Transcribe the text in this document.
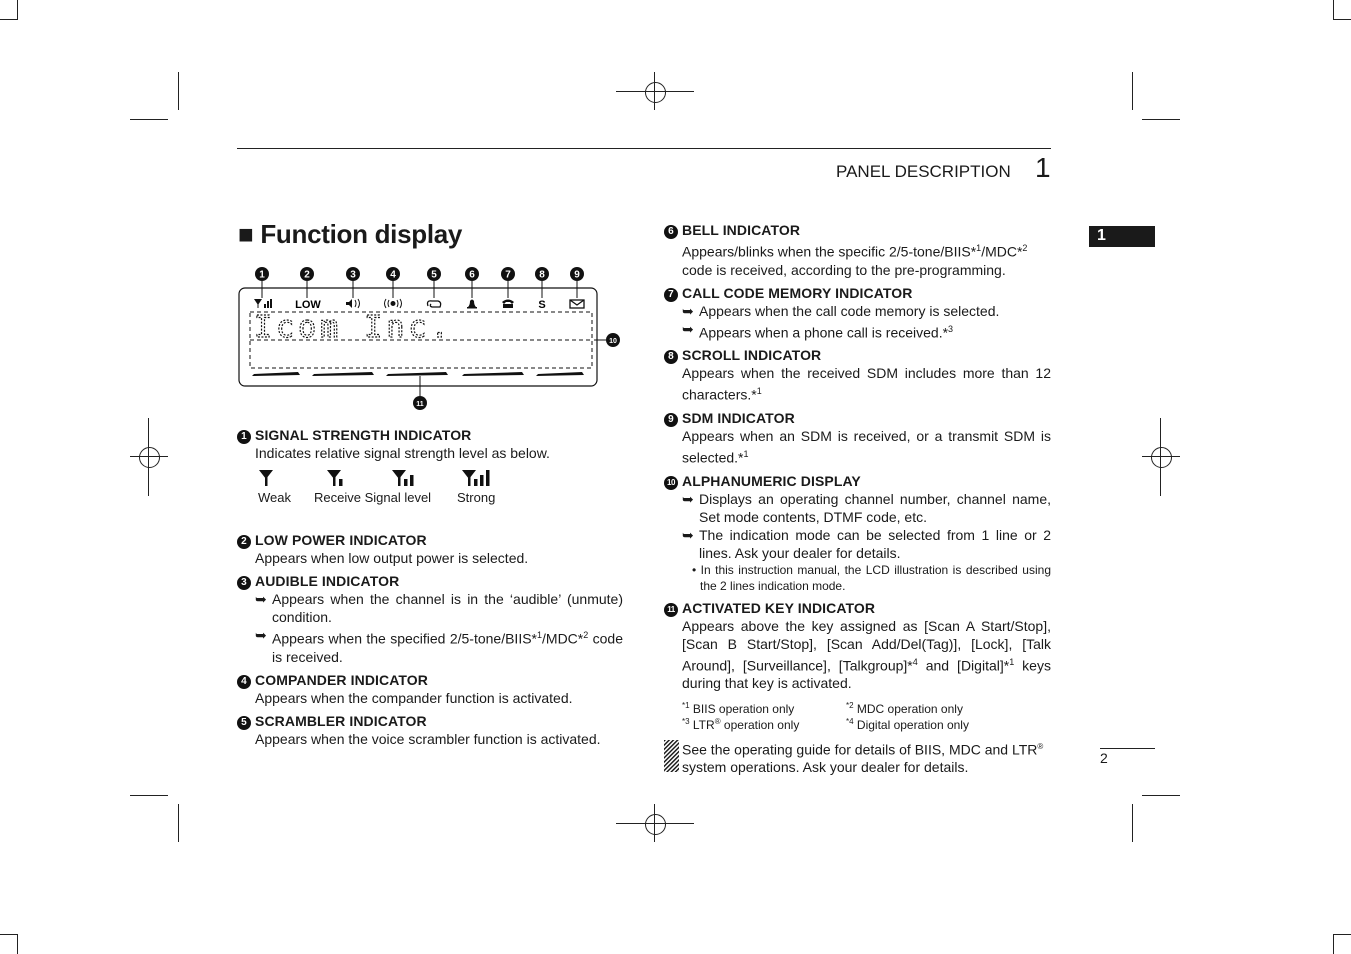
PANEL DESCRIPTION 1
1
2
■ Function display
1	2	3	4	5	6	7	8	9
10
11
LOW	S
Icom Inc.
1 SIGNAL STRENGTH INDICATOR
Indicates relative signal strength level as below.
Weak Receive Signal level Strong
2 LOW POWER INDICATOR
Appears when low output power is selected.
3 AUDIBLE INDICATOR
➥ Appears when the channel is in the ‘audible’ (unmute) condition.
➥ Appears when the specified 2/5-tone/BIIS*$^1$/MDC*$^2$ code is received.
4 COMPANDER INDICATOR
Appears when the compander function is activated.
5 SCRAMBLER INDICATOR
Appears when the voice scrambler function is activated.
6 BELL INDICATOR
Appears/blinks when the specific 2/5-tone/BIIS*$^1$/MDC*$^2$ code is received, according to the pre-programming.
7 CALL CODE MEMORY INDICATOR
➥ Appears when the call code memory is selected.
➥ Appears when a phone call is received.*$^3$
8 SCROLL INDICATOR
Appears when the received SDM includes more than 12 characters.*$^1$
9 SDM INDICATOR
Appears when an SDM is received, or a transmit SDM is selected.*$^1$
10 ALPHANUMERIC DISPLAY
➥ Displays an operating channel number, channel name, Set mode contents, DTMF code, etc.
➥ The indication mode can be selected from 1 line or 2 lines. Ask your dealer for details.
• In this instruction manual, the LCD illustration is described using the 2 lines indication mode.
11 ACTIVATED KEY INDICATOR
Appears above the key assigned as [Scan A Start/Stop], [Scan B Start/Stop], [Scan Add/Del(Tag)], [Lock], [Talk Around], [Surveillance], [Talkgroup]*$^4$ and [Digital]*$^1$ keys during that key is activated.
$^{*1}$ BIIS operation only	$^{*2}$ MDC operation only
$^{*3}$ LTR® operation only	$^{*4}$ Digital operation only
See the operating guide for details of BIIS, MDC and LTR® system operations. Ask your dealer for details.
